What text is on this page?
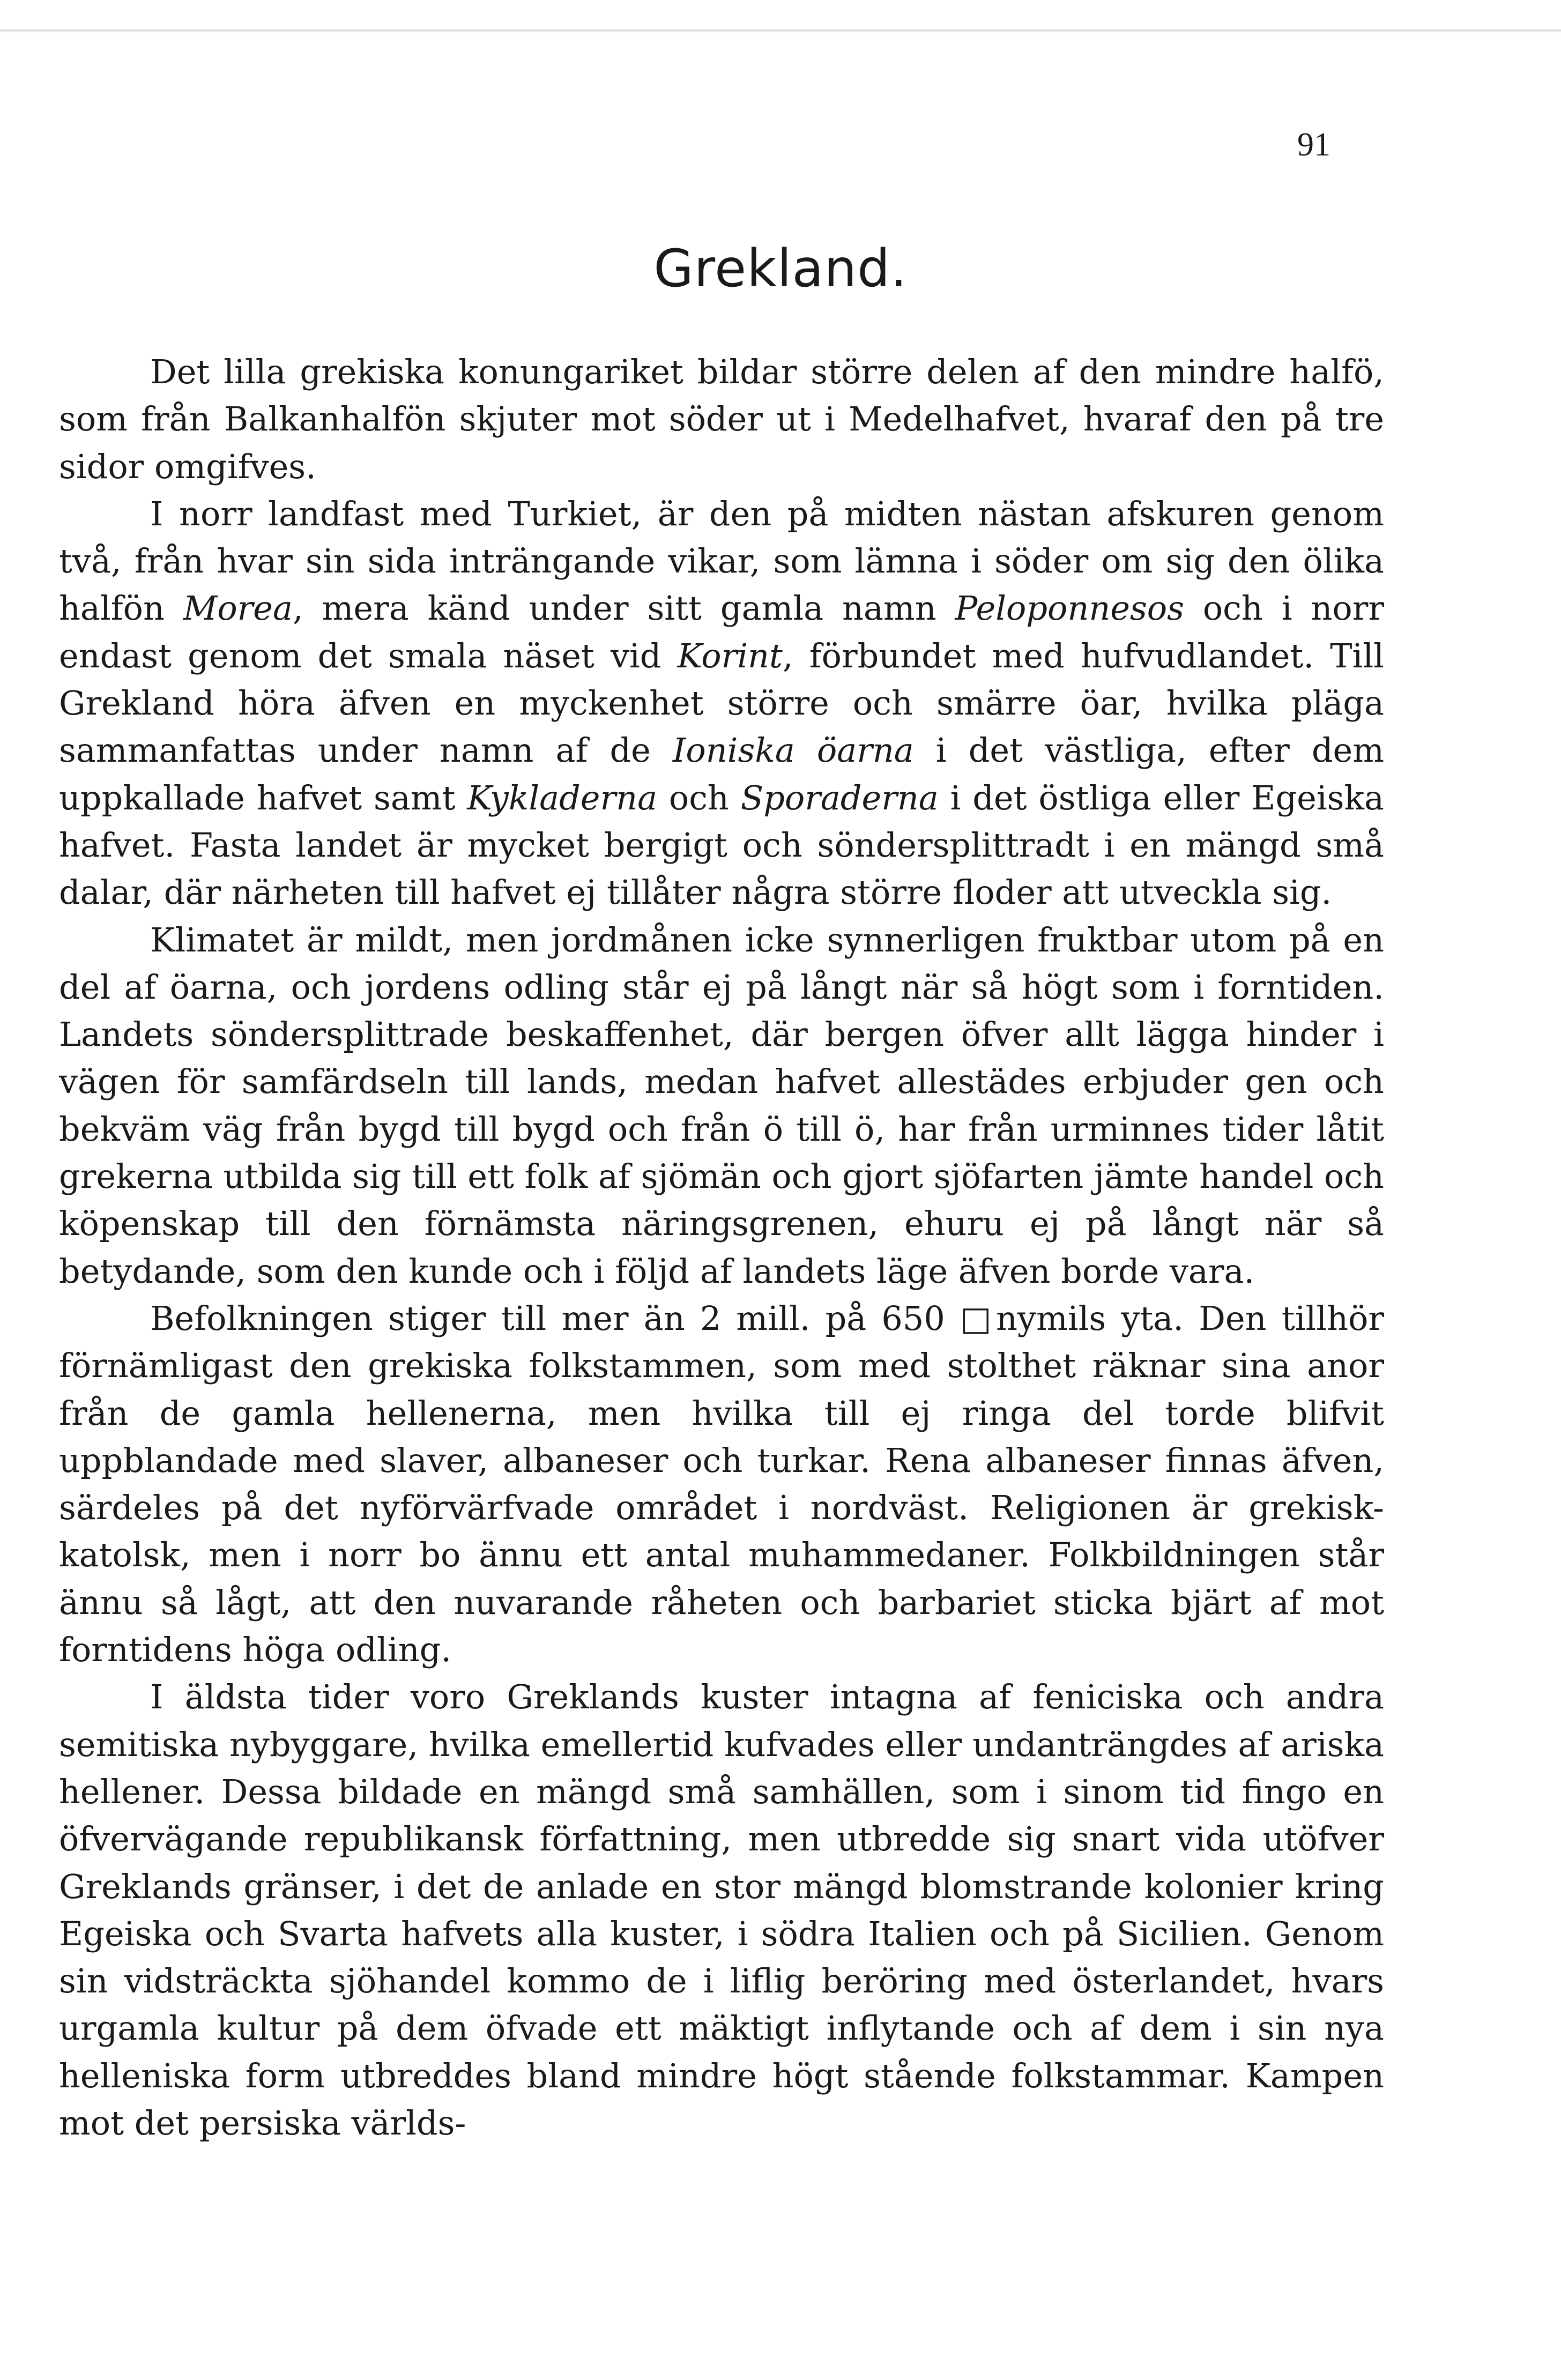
91
Grekland.

Det lilla grekiska konungariket bildar större delen af den mindre halfö, som från Balkanhalfön skjuter mot söder ut i Medelhafvet, hvaraf den på tre sidor omgifves.

I norr landfast med Turkiet, är den på midten nästan afskuren genom två, från hvar sin sida inträngande vikar, som lämna i söder om sig den ölika halfön Morea, mera känd under sitt gamla namn Peloponnesos och i norr endast genom det smala näset vid Korint, förbundet med hufvudlandet. Till Grekland höra äfven en myckenhet större och smärre öar, hvilka pläga sammanfattas under namn af de Ioniska öarna i det västliga, efter dem uppkallade hafvet samt Kykladerna och Sporaderna i det östliga eller Egeiska hafvet. Fasta landet är mycket bergigt och söndersplittradt i en mängd små dalar, där närheten till hafvet ej tillåter några större floder att utveckla sig.

Klimatet är mildt, men jordmånen icke synnerligen fruktbar utom på en del af öarna, och jordens odling står ej på långt när så högt som i forntiden. Landets söndersplittrade beskaffenhet, där bergen öfver allt lägga hinder i vägen för samfärdseln till lands, medan hafvet allestädes erbjuder gen och bekväm väg från bygd till bygd och från ö till ö, har från urminnes tider låtit grekerna utbilda sig till ett folk af sjömän och gjort sjöfarten jämte handel och köpenskap till den förnämsta näringsgrenen, ehuru ej på långt när så betydande, som den kunde och i följd af landets läge äfven borde vara.

Befolkningen stiger till mer än 2 mill. på 650 □nymils yta. Den tillhör förnämligast den grekiska folkstammen, som med stolthet räknar sina anor från de gamla hellenerna, men hvilka till ej ringa del torde blifvit uppblandade med slaver, albaneser och turkar. Rena albaneser finnas äfven, särdeles på det nyförvärfvade området i nordväst. Religionen är grekisk-katolsk, men i norr bo ännu ett antal muhammedaner. Folkbildningen står ännu så lågt, att den nuvarande råheten och barbariet sticka bjärt af mot forntidens höga odling.

I äldsta tider voro Greklands kuster intagna af feniciska och andra semitiska nybyggare, hvilka emellertid kufvades eller undanträngdes af ariska hellener. Dessa bildade en mängd små samhällen, som i sinom tid fingo en öfvervägande republikansk författning, men utbredde sig snart vida utöfver Greklands gränser, i det de anlade en stor mängd blomstrande kolonier kring Egeiska och Svarta hafvets alla kuster, i södra Italien och på Sicilien. Genom sin vidsträckta sjöhandel kommo de i liflig beröring med österlandet, hvars urgamla kultur på dem öfvade ett mäktigt inflytande och af dem i sin nya helleniska form utbreddes bland mindre högt stående folkstammar. Kampen mot det persiska världs-
